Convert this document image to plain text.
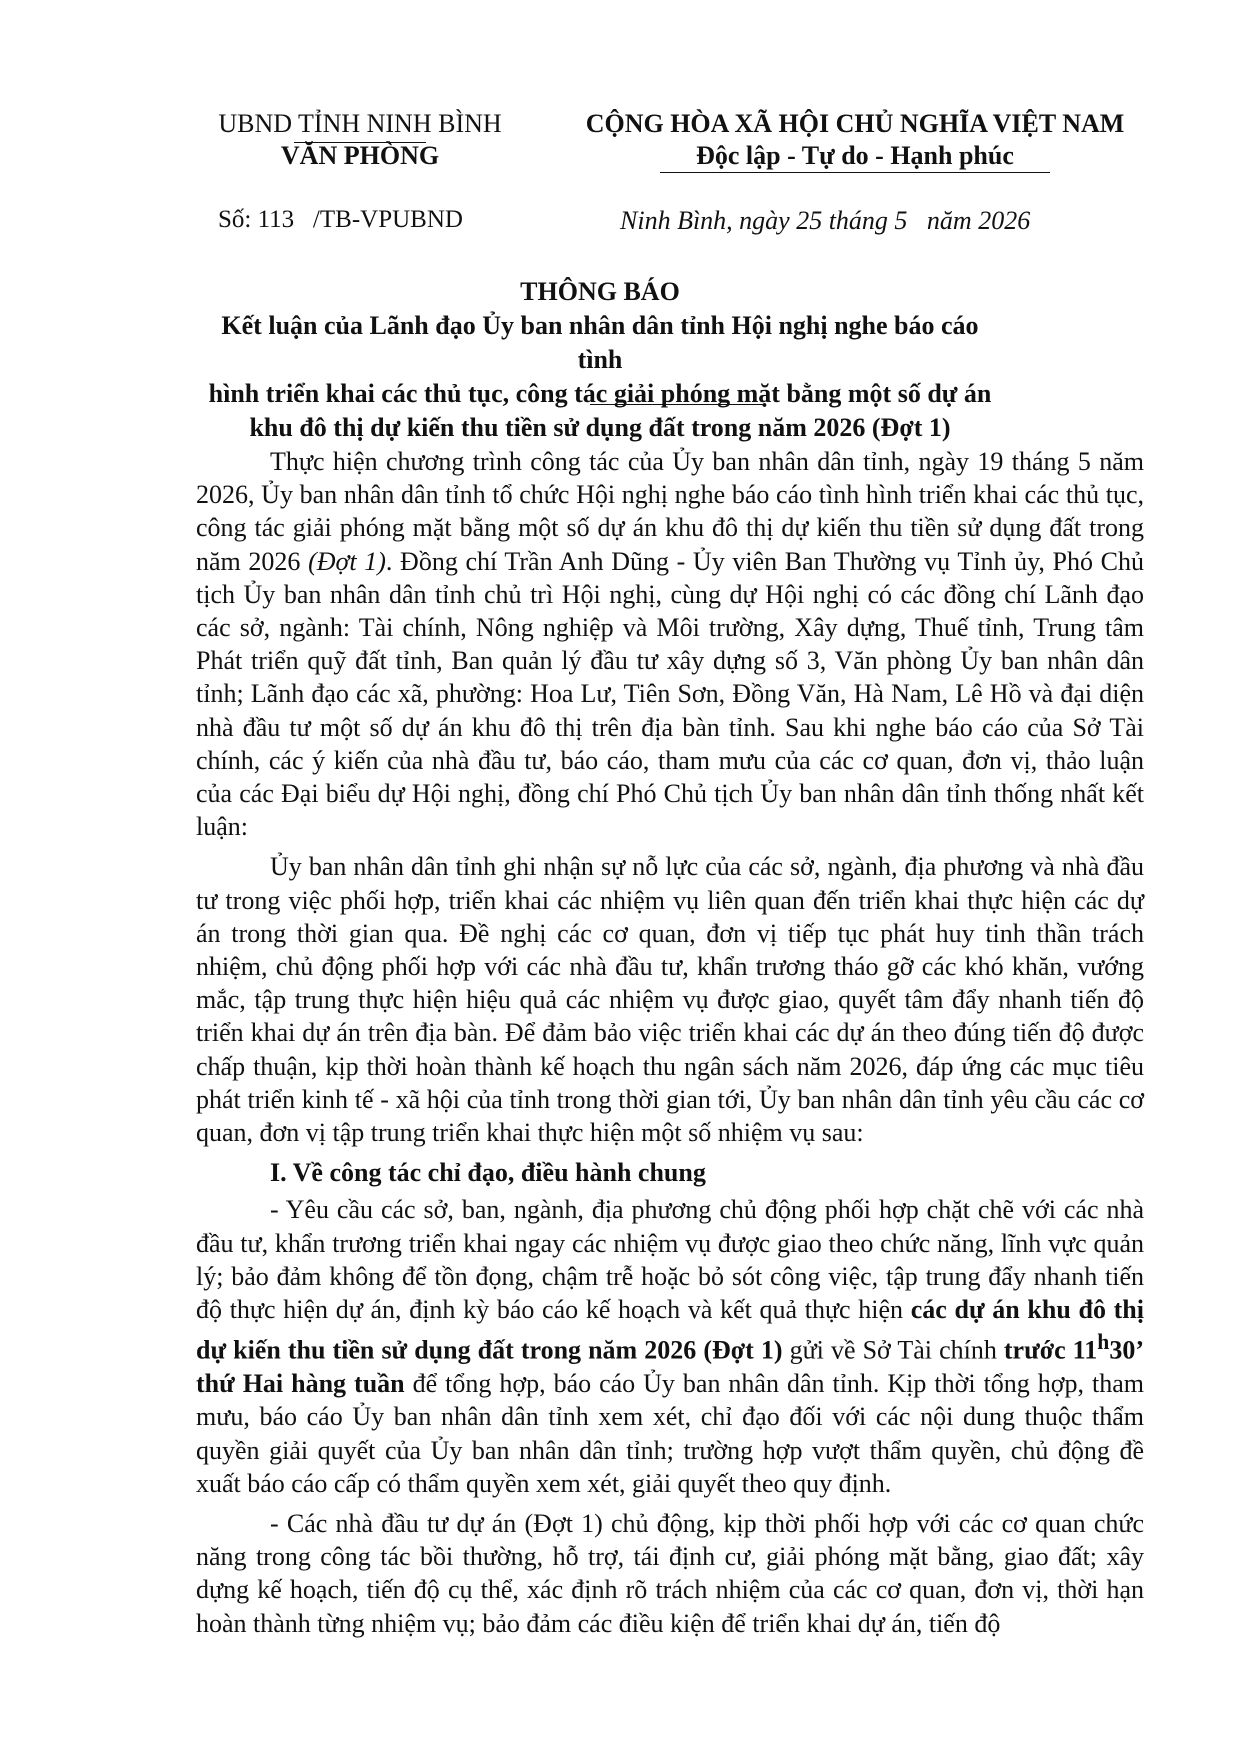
UBND TỈNH NINH BÌNH
VĂN PHÒNG
CỘNG HÒA XÃ HỘI CHỦ NGHĨA VIỆT NAM
Độc lập - Tự do - Hạnh phúc
Số: 113   /TB-VPUBND	Ninh Bình, ngày 25 tháng 5   năm 2026
THÔNG BÁO
Kết luận của Lãnh đạo Ủy ban nhân dân tỉnh Hội nghị nghe báo cáo tình
hình triển khai các thủ tục, công tác giải phóng mặt bằng một số dự án
khu đô thị dự kiến thu tiền sử dụng đất trong năm 2026 (Đợt 1)

Thực hiện chương trình công tác của Ủy ban nhân dân tỉnh, ngày 19 tháng 5 năm 2026, Ủy ban nhân dân tỉnh tổ chức Hội nghị nghe báo cáo tình hình triển khai các thủ tục, công tác giải phóng mặt bằng một số dự án khu đô thị dự kiến thu tiền sử dụng đất trong năm 2026 (Đợt 1). Đồng chí Trần Anh Dũng - Ủy viên Ban Thường vụ Tỉnh ủy, Phó Chủ tịch Ủy ban nhân dân tỉnh chủ trì Hội nghị, cùng dự Hội nghị có các đồng chí Lãnh đạo các sở, ngành: Tài chính, Nông nghiệp và Môi trường, Xây dựng, Thuế tỉnh, Trung tâm Phát triển quỹ đất tỉnh, Ban quản lý đầu tư xây dựng số 3, Văn phòng Ủy ban nhân dân tỉnh; Lãnh đạo các xã, phường: Hoa Lư, Tiên Sơn, Đồng Văn, Hà Nam, Lê Hồ và đại diện nhà đầu tư một số dự án khu đô thị trên địa bàn tỉnh. Sau khi nghe báo cáo của Sở Tài chính, các ý kiến của nhà đầu tư, báo cáo, tham mưu của các cơ quan, đơn vị, thảo luận của các Đại biểu dự Hội nghị, đồng chí Phó Chủ tịch Ủy ban nhân dân tỉnh thống nhất kết luận:

Ủy ban nhân dân tỉnh ghi nhận sự nỗ lực của các sở, ngành, địa phương và nhà đầu tư trong việc phối hợp, triển khai các nhiệm vụ liên quan đến triển khai thực hiện các dự án trong thời gian qua. Đề nghị các cơ quan, đơn vị tiếp tục phát huy tinh thần trách nhiệm, chủ động phối hợp với các nhà đầu tư, khẩn trương tháo gỡ các khó khăn, vướng mắc, tập trung thực hiện hiệu quả các nhiệm vụ được giao, quyết tâm đẩy nhanh tiến độ triển khai dự án trên địa bàn. Để đảm bảo việc triển khai các dự án theo đúng tiến độ được chấp thuận, kịp thời hoàn thành kế hoạch thu ngân sách năm 2026, đáp ứng các mục tiêu phát triển kinh tế - xã hội của tỉnh trong thời gian tới, Ủy ban nhân dân tỉnh yêu cầu các cơ quan, đơn vị tập trung triển khai thực hiện một số nhiệm vụ sau:

I. Về công tác chỉ đạo, điều hành chung

- Yêu cầu các sở, ban, ngành, địa phương chủ động phối hợp chặt chẽ với các nhà đầu tư, khẩn trương triển khai ngay các nhiệm vụ được giao theo chức năng, lĩnh vực quản lý; bảo đảm không để tồn đọng, chậm trễ hoặc bỏ sót công việc, tập trung đẩy nhanh tiến độ thực hiện dự án, định kỳ báo cáo kế hoạch và kết quả thực hiện các dự án khu đô thị dự kiến thu tiền sử dụng đất trong năm 2026 (Đợt 1) gửi về Sở Tài chính trước 11$^h$30’ thứ Hai hàng tuần để tổng hợp, báo cáo Ủy ban nhân dân tỉnh. Kịp thời tổng hợp, tham mưu, báo cáo Ủy ban nhân dân tỉnh xem xét, chỉ đạo đối với các nội dung thuộc thẩm quyền giải quyết của Ủy ban nhân dân tỉnh; trường hợp vượt thẩm quyền, chủ động đề xuất báo cáo cấp có thẩm quyền xem xét, giải quyết theo quy định.

- Các nhà đầu tư dự án (Đợt 1) chủ động, kịp thời phối hợp với các cơ quan chức năng trong công tác bồi thường, hỗ trợ, tái định cư, giải phóng mặt bằng, giao đất; xây dựng kế hoạch, tiến độ cụ thể, xác định rõ trách nhiệm của các cơ quan, đơn vị, thời hạn hoàn thành từng nhiệm vụ; bảo đảm các điều kiện để triển khai dự án, tiến độ
